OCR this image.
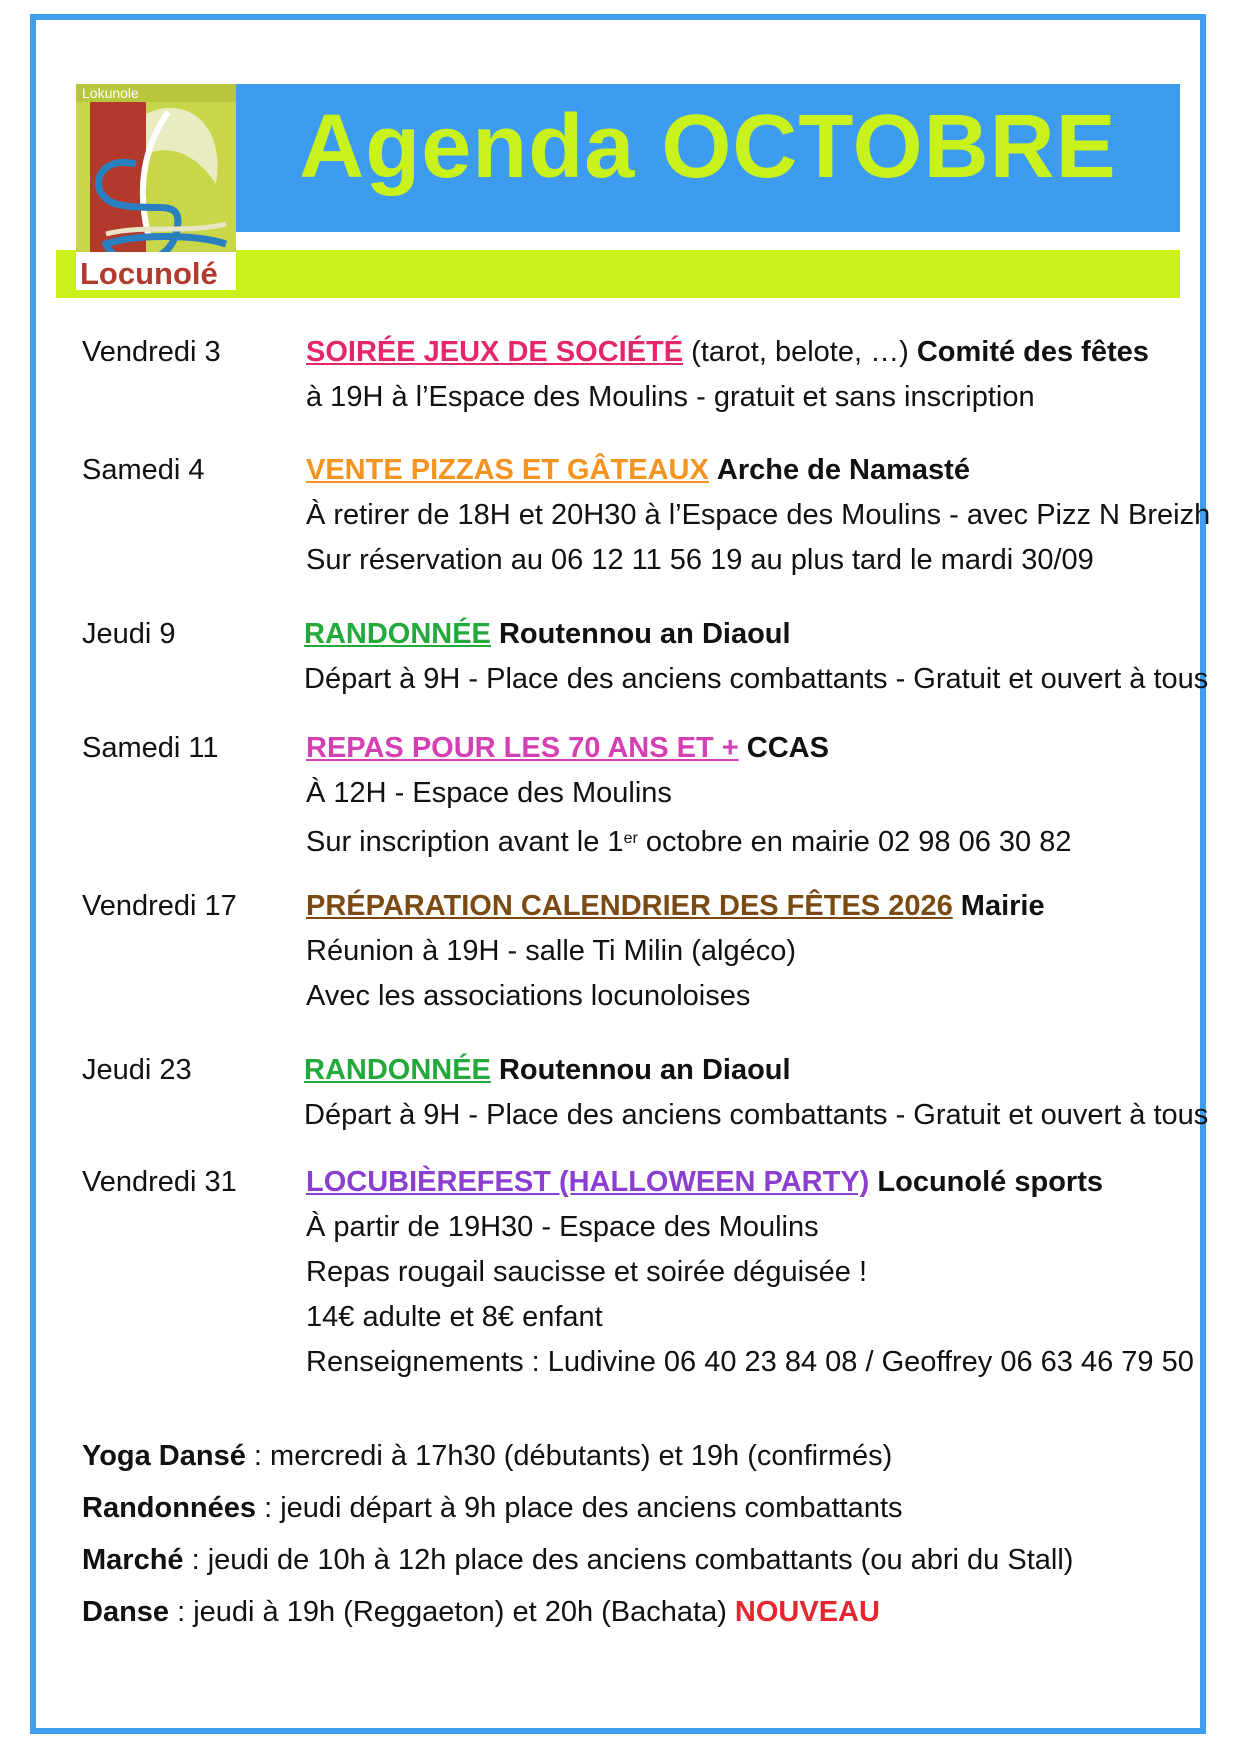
Lokunole
Locunolé
Agenda OCTOBRE
Vendredi 3	SOIRÉE JEUX DE SOCIÉTÉ (tarot, belote, …) Comité des fêtes
à 19H à l’Espace des Moulins - gratuit et sans inscription
Samedi 4	VENTE PIZZAS ET GÂTEAUX Arche de Namasté
À retirer de 18H et 20H30 à l’Espace des Moulins - avec Pizz N Breizh
Sur réservation au 06 12 11 56 19 au plus tard le mardi 30/09
Jeudi 9	RANDONNÉE Routennou an Diaoul
Départ à 9H - Place des anciens combattants - Gratuit et ouvert à tous
Samedi 11	REPAS POUR LES 70 ANS ET + CCAS
À 12H - Espace des Moulins
Sur inscription avant le 1er octobre en mairie 02 98 06 30 82
Vendredi 17 PRÉPARATION CALENDRIER DES FÊTES 2026 Mairie
Réunion à 19H - salle Ti Milin (algéco)
Avec les associations locunoloises
Jeudi 23	RANDONNÉE Routennou an Diaoul
Départ à 9H - Place des anciens combattants - Gratuit et ouvert à tous
Vendredi 31 LOCUBIÈREFEST (HALLOWEEN PARTY) Locunolé sports
À partir de 19H30 - Espace des Moulins
Repas rougail saucisse et soirée déguisée !
14€ adulte et 8€ enfant
Renseignements : Ludivine 06 40 23 84 08 / Geoffrey 06 63 46 79 50
Yoga Dansé : mercredi à 17h30 (débutants) et 19h (confirmés)
Randonnées : jeudi départ à 9h place des anciens combattants
Marché : jeudi de 10h à 12h place des anciens combattants (ou abri du Stall)
Danse : jeudi à 19h (Reggaeton) et 20h (Bachata) NOUVEAU
